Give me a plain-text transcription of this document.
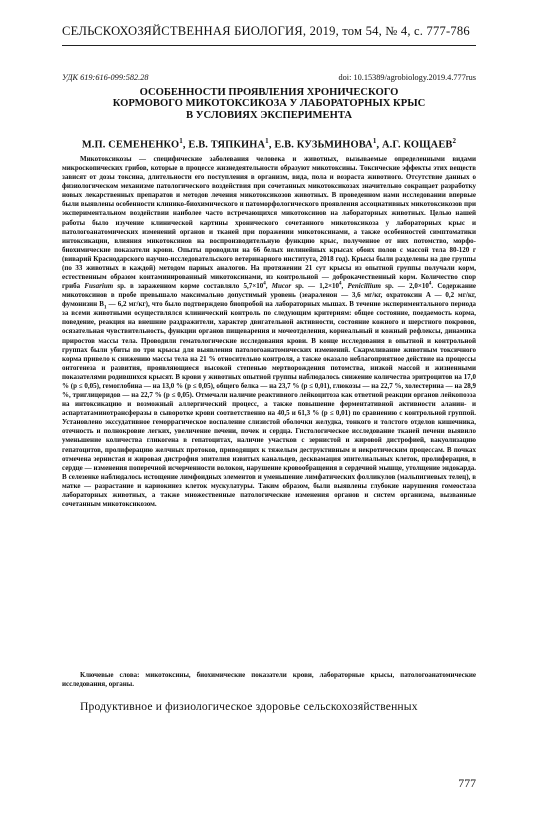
СЕЛЬСКОХОЗЯЙСТВЕННАЯ БИОЛОГИЯ, 2019, том 54, № 4, с. 777-786
УДК 619:616-099:582.28	doi: 10.15389/agrobiology.2019.4.777rus
ОСОБЕННОСТИ ПРОЯВЛЕНИЯ ХРОНИЧЕСКОГО
КОРМОВОГО МИКОТОКСИКОЗА У ЛАБОРАТОРНЫХ КРЫС
В УСЛОВИЯХ ЭКСПЕРИМЕНТА
М.П. СЕМЕНЕНКО$^1$, Е.В. ТЯПКИНА$^1$, Е.В. КУЗЬМИНОВА$^1$, А.Г. КОЩАЕВ$^2$

Микотоксикозы — специфические заболевания человека и животных, вызываемые определенными видами микроскопических грибов, которые в процессе жизнедеятельности образуют микотоксины. Токсические эффекты этих веществ зависят от дозы токсина, длительности его поступления в организм, вида, пола и возраста животного. Отсутствие данных о физиологическом механизме патологического воздействия при сочетанных микотоксикозах значительно сокращает разработку новых лекарственных препаратов и методов лечения микотоксикозов животных. В проведенном нами исследовании впервые были выявлены особенности клинико-биохимического и патоморфологического проявления ассоциативных микотоксикозов при экспериментальном воздействии наиболее часто встречающихся микотоксинов на лабораторных животных. Целью нашей работы было изучение клинической картины хронического сочетанного микотоксикоза у лабораторных крыс и патологоанатомических изменений органов и тканей при поражении микотоксинами, а также особенностей симптоматики интоксикации, влияния микотоксинов на воспроизводительную функцию крыс, полученное от них потомство, морфо-биохимические показатели крови. Опыты проводили на 66 белых нелинейных крысах обоих полов с массой тела 80-120 г (виварий Краснодарского научно-исследовательского ветеринарного института, 2018 год). Крысы были разделены на две группы (по 33 животных в каждой) методом парных аналогов. На протяжении 21 сут крысы из опытной группы получали корм, естественным образом контаминированный микотоксинами, из контрольной — доброкачественный корм. Количество спор гриба Fusarium sp. в зараженном корме составляло $5,7\times 10^4$, Mucor sp. — $1,2\times 10^4$, Penicillium sp. — $2,0\times 10^4$. Содержание микотоксинов в пробе превышало максимально допустимый уровень (зеараленон — 3,6 мг/кг, охратоксин А — 0,2 мг/кг, фумонизин $В_1$ — 6,2 мг/кг), что было подтверждено биопробой на лабораторных мышах. В течение экспериментального периода за всеми животными осуществлялся клинический контроль по следующим критериям: общее состояние, поедаемость корма, поведение, реакция на внешние раздражители, характер двигательной активности, состояние кожного и шерстного покровов, осязательная чувствительность, функции органов пищеварения и мочеотделения, корнеальный и кожный рефлексы, динамика приростов массы тела. Проводили гематологические исследования крови. В конце исследования в опытной и контрольной группах были убиты по три крысы для выявления патологоанатомических изменений. Скармливание животным токсичного корма привело к снижению массы тела на 21 % относительно контроля, а также оказало неблагоприятное действие на процессы онтогенеза и развития, проявляющиеся высокой степенью мертворождения потомства, низкой массой и жизненными показателями родившихся крысят. В крови у животных опытной группы наблюдалось снижение количества эритроцитов на 17,0 % (p ≤ 0,05), гемоглобина — на 13,0 % (p ≤ 0,05), общего белка — на 23,7 % (p ≤ 0,01), глюкозы — на 22,7 %, холестерина — на 28,9 %, триглицеридов — на 22,7 % (p ≤ 0,05). Отмечали наличие реактивного лейкоцитоза как ответной реакции органов лейкопоэза на интоксикацию и возможный аллергический процесс, а также повышение ферментативной активности аланин- и аспартатаминотрансферазы в сыворотке крови соответственно на 40,5 и 61,3 % (p ≤ 0,01) по сравнению с контрольной группой. Установлено экссудативное геморрагическое воспаление слизистой оболочки желудка, тонкого и толстого отделов кишечника, отечность и полнокровие легких, увеличение печени, почек и сердца. Гистологическое исследование тканей печени выявило уменьшение количества гликогена в гепатоцитах, наличие участков с зернистой и жировой дистрофией, вакуолизацию гепатоцитов, пролиферацию желчных протоков, приводящих к тяжелым деструктивным и некротическим процессам. В почках отмечена зернистая и жировая дистрофия эпителия извитых канальцев, десквамация эпителиальных клеток, пролиферация, в сердце — изменения поперечной исчерченности волокон, нарушение кровообращения в сердечной мышце, утолщение эндокарда. В селезенке наблюдалось истощение лимфоидных элементов и уменьшение лимфатических фолликулов (мальпигиевых телец), в матке — разрастание и кариокинез клеток мускулатуры. Таким образом, были выявлены глубокие нарушения гомеостаза лабораторных животных, а также множественные патологические изменения органов и систем организма, вызванные сочетанным микотоксикозом.

Ключевые слова: микотоксины, биохимические показатели крови, лабораторные крысы, патологоанатомические исследования, органы.

Продуктивное и физиологическое здоровье сельскохозяйственных
777
